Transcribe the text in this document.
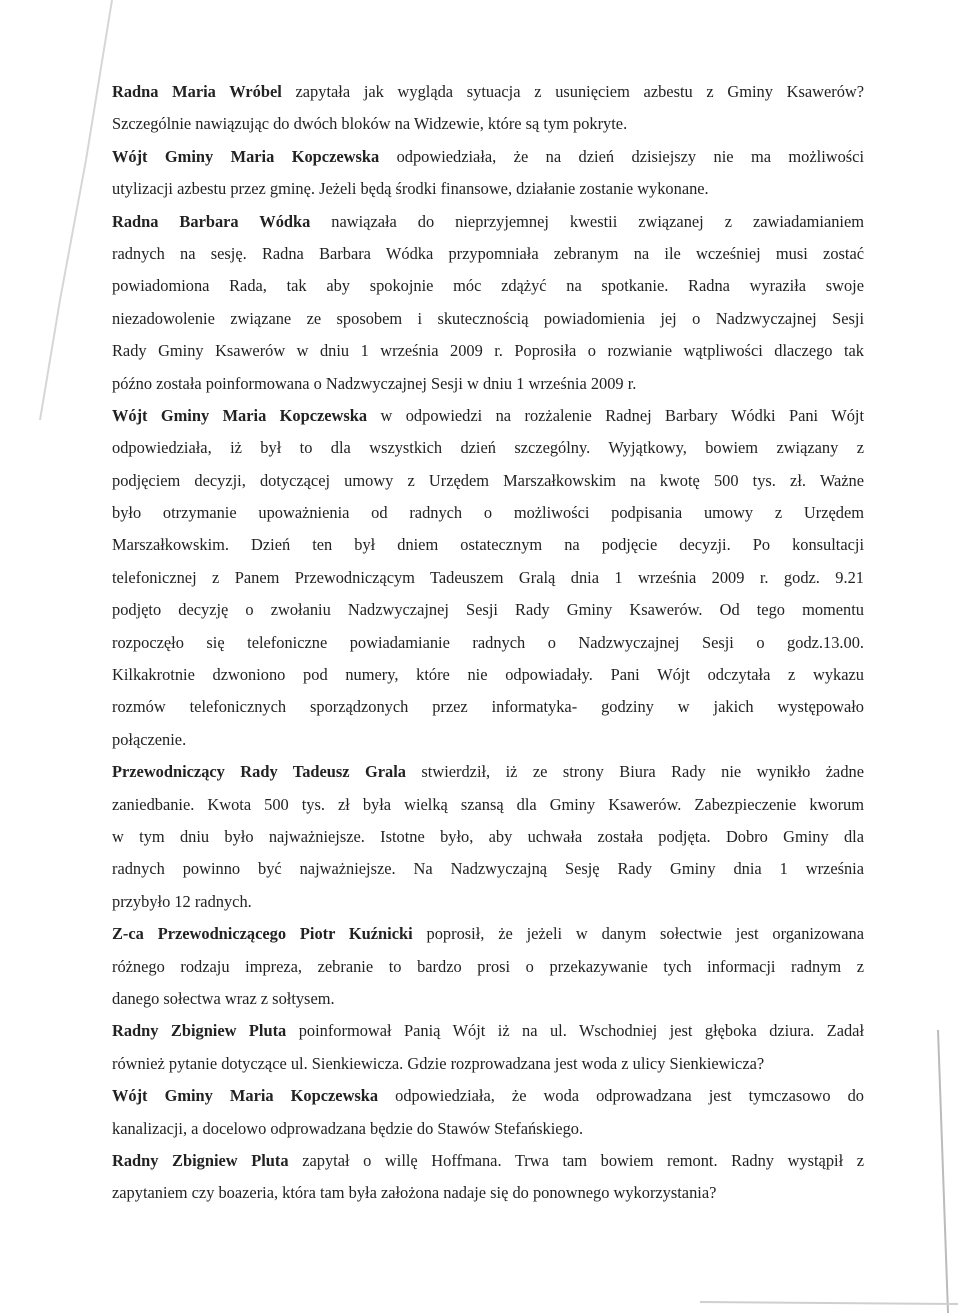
Radna Maria Wróbel zapytała jak wygląda sytuacja z usunięciem azbestu z Gminy Ksawerów?
Szczególnie nawiązując do dwóch bloków na Widzewie, które są tym pokryte.
Wójt Gminy Maria Kopczewska odpowiedziała, że na dzień dzisiejszy nie ma możliwości
utylizacji azbestu przez gminę. Jeżeli będą środki finansowe, działanie zostanie wykonane.
Radna Barbara Wódka nawiązała do nieprzyjemnej kwestii związanej z zawiadamianiem
radnych na sesję. Radna Barbara Wódka przypomniała zebranym na ile wcześniej musi zostać
powiadomiona Rada, tak aby spokojnie móc zdążyć na spotkanie. Radna wyraziła swoje
niezadowolenie związane ze sposobem i skutecznością powiadomienia jej o Nadzwyczajnej Sesji
Rady Gminy Ksawerów w dniu 1 września 2009 r. Poprosiła o rozwianie wątpliwości dlaczego tak
późno została poinformowana o Nadzwyczajnej Sesji w dniu 1 września 2009 r.
Wójt Gminy Maria Kopczewska w odpowiedzi na rozżalenie Radnej Barbary Wódki Pani Wójt
odpowiedziała, iż był to dla wszystkich dzień szczególny. Wyjątkowy, bowiem związany z
podjęciem decyzji, dotyczącej umowy z Urzędem Marszałkowskim na kwotę 500 tys. zł. Ważne
było otrzymanie upoważnienia od radnych o możliwości podpisania umowy z Urzędem
Marszałkowskim. Dzień ten był dniem ostatecznym na podjęcie decyzji. Po konsultacji
telefonicznej z Panem Przewodniczącym Tadeuszem Gralą dnia 1 września 2009 r. godz. 9.21
podjęto decyzję o zwołaniu Nadzwyczajnej Sesji Rady Gminy Ksawerów. Od tego momentu
rozpoczęło się telefoniczne powiadamianie radnych o Nadzwyczajnej Sesji o godz.13.00.
Kilkakrotnie dzwoniono pod numery, które nie odpowiadały. Pani Wójt odczytała z wykazu
rozmów telefonicznych sporządzonych przez informatyka- godziny w jakich występowało
połączenie.
Przewodniczący Rady Tadeusz Grala stwierdził, iż ze strony Biura Rady nie wynikło żadne
zaniedbanie. Kwota 500 tys. zł była wielką szansą dla Gminy Ksawerów. Zabezpieczenie kworum
w tym dniu było najważniejsze. Istotne było, aby uchwała została podjęta. Dobro Gminy dla
radnych powinno być najważniejsze. Na Nadzwyczajną Sesję Rady Gminy dnia 1 września
przybyło 12 radnych.
Z-ca Przewodniczącego Piotr Kuźnicki poprosił, że jeżeli w danym sołectwie jest organizowana
różnego rodzaju impreza, zebranie to bardzo prosi o przekazywanie tych informacji radnym z
danego sołectwa wraz z sołtysem.
Radny Zbigniew Pluta poinformował Panią Wójt iż na ul. Wschodniej jest głęboka dziura. Zadał
również pytanie dotyczące ul. Sienkiewicza. Gdzie rozprowadzana jest woda z ulicy Sienkiewicza?
Wójt Gminy Maria Kopczewska odpowiedziała, że woda odprowadzana jest tymczasowo do
kanalizacji, a docelowo odprowadzana będzie do Stawów Stefańskiego.
Radny Zbigniew Pluta zapytał o willę Hoffmana. Trwa tam bowiem remont. Radny wystąpił z
zapytaniem czy boazeria, która tam była założona nadaje się do ponownego wykorzystania?
